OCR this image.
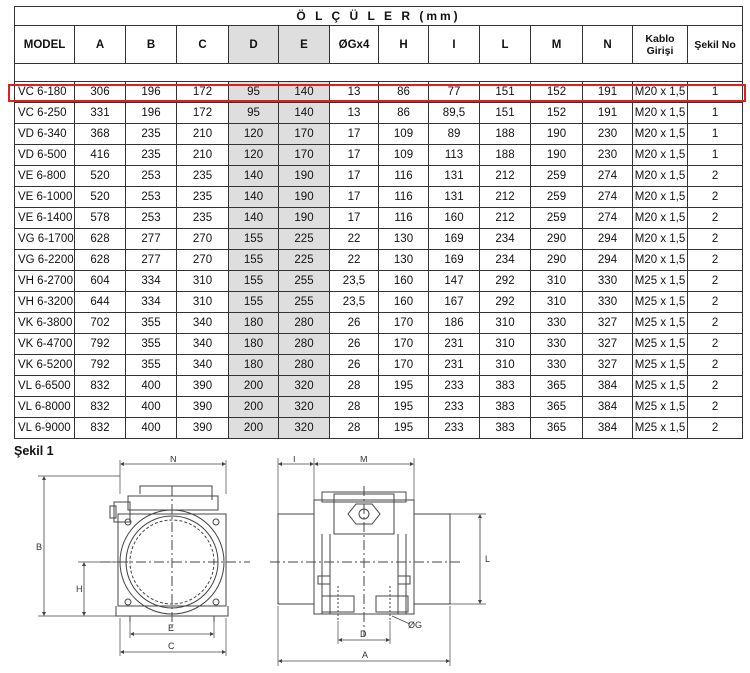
Ö L Ç Ü L E R (mm)													
MODEL	A	B	C	D	E	ØGx4	H	I	L	M	N	Kablo Girişi	Şekil No

VC 6-180	306	196	172	95	140	13	86	77	151	152	191	M20 x 1,5	1
VC 6-250	331	196	172	95	140	13	86	89,5	151	152	191	M20 x 1,5	1
VD 6-340	368	235	210	120	170	17	109	89	188	190	230	M20 x 1,5	1
VD 6-500	416	235	210	120	170	17	109	113	188	190	230	M20 x 1,5	1
VE 6-800	520	253	235	140	190	17	116	131	212	259	274	M20 x 1,5	2
VE 6-1000	520	253	235	140	190	17	116	131	212	259	274	M20 x 1,5	2
VE 6-1400	578	253	235	140	190	17	116	160	212	259	274	M20 x 1,5	2
VG 6-1700	628	277	270	155	225	22	130	169	234	290	294	M20 x 1,5	2
VG 6-2200	628	277	270	155	225	22	130	169	234	290	294	M20 x 1,5	2
VH 6-2700	604	334	310	155	255	23,5	160	147	292	310	330	M25 x 1,5	2
VH 6-3200	644	334	310	155	255	23,5	160	167	292	310	330	M25 x 1,5	2
VK 6-3800	702	355	340	180	280	26	170	186	310	330	327	M25 x 1,5	2
VK 6-4700	792	355	340	180	280	26	170	231	310	330	327	M25 x 1,5	2
VK 6-5200	792	355	340	180	280	26	170	231	310	330	327	M25 x 1,5	2
VL 6-6500	832	400	390	200	320	28	195	233	383	365	384	M25 x 1,5	2
VL 6-8000	832	400	390	200	320	28	195	233	383	365	384	M25 x 1,5	2
VL 6-9000	832	400	390	200	320	28	195	233	383	365	384	M25 x 1,5	2
Şekil 1
N
B
H
E
C
I	M
L
D
ØG
A
